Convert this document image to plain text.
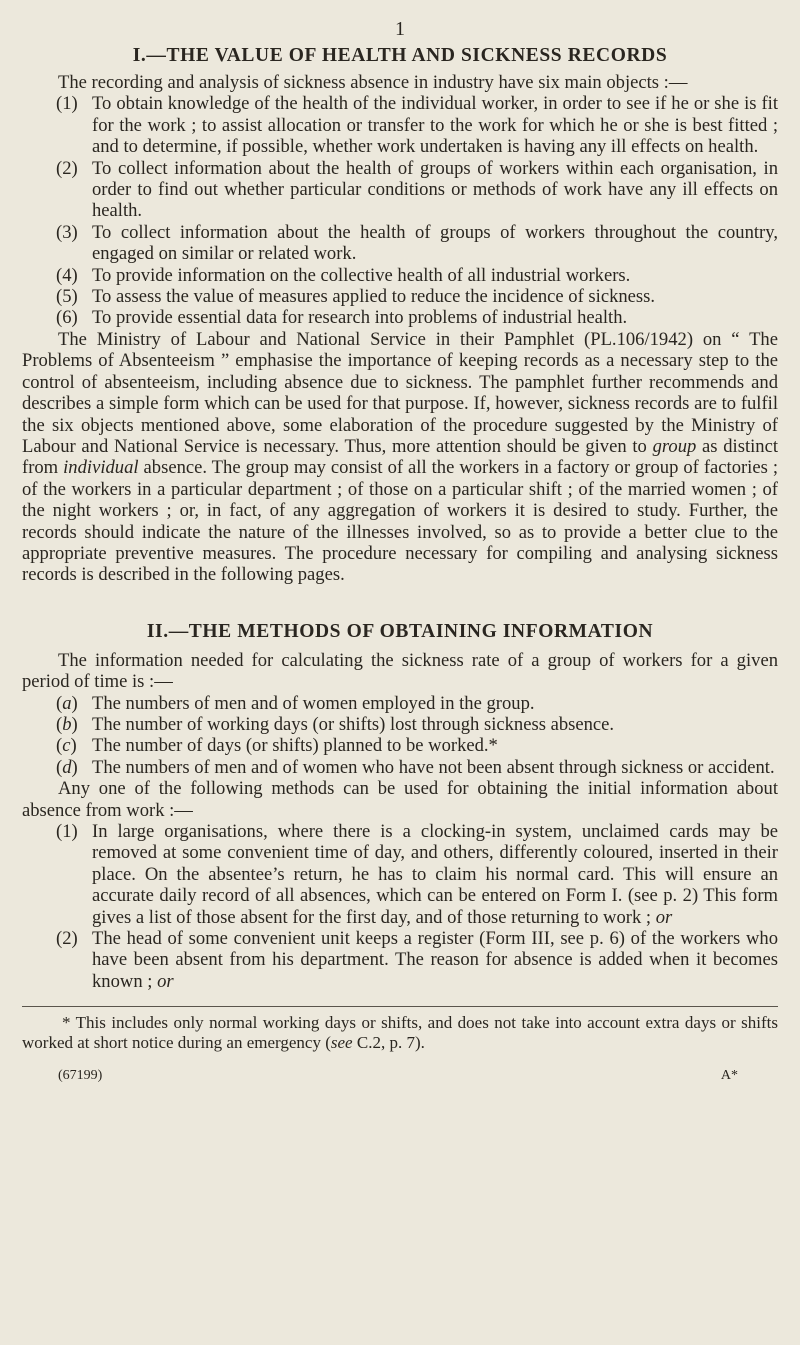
1
I.—THE VALUE OF HEALTH AND SICKNESS RECORDS

The recording and analysis of sickness absence in industry have six main objects :—

(1) To obtain knowledge of the health of the individual worker, in order to see if he or she is fit for the work ; to assist allocation or transfer to the work for which he or she is best fitted ; and to determine, if possible, whether work undertaken is having any ill effects on health.
(2) To collect information about the health of groups of workers within each organisation, in order to find out whether particular conditions or methods of work have any ill effects on health.
(3) To collect information about the health of groups of workers throughout the country, engaged on similar or related work.
(4) To provide information on the collective health of all industrial workers.
(5) To assess the value of measures applied to reduce the incidence of sickness.
(6) To provide essential data for research into problems of industrial health.

The Ministry of Labour and National Service in their Pamphlet (PL.106/1942) on “ The Problems of Absenteeism ” emphasise the importance of keeping records as a necessary step to the control of absenteeism, including absence due to sickness. The pamphlet further recommends and describes a simple form which can be used for that purpose. If, however, sickness records are to fulfil the six objects mentioned above, some elaboration of the procedure suggested by the Ministry of Labour and National Service is necessary. Thus, more attention should be given to group as distinct from individual absence. The group may consist of all the workers in a factory or group of factories ; of the workers in a particular department ; of those on a particular shift ; of the married women ; of the night workers ; or, in fact, of any aggregation of workers it is desired to study. Further, the records should indicate the nature of the illnesses involved, so as to provide a better clue to the appropriate preventive measures. The procedure necessary for compiling and analysing sickness records is described in the following pages.

II.—THE METHODS OF OBTAINING INFORMATION

The information needed for calculating the sickness rate of a group of workers for a given period of time is :—

(a) The numbers of men and of women employed in the group.
(b) The number of working days (or shifts) lost through sickness absence.
(c) The number of days (or shifts) planned to be worked.*
(d) The numbers of men and of women who have not been absent through sickness or accident.

Any one of the following methods can be used for obtaining the initial information about absence from work :—

(1) In large organisations, where there is a clocking-in system, unclaimed cards may be removed at some convenient time of day, and others, differently coloured, inserted in their place. On the absentee’s return, he has to claim his normal card. This will ensure an accurate daily record of all absences, which can be entered on Form I. (see p. 2) This form gives a list of those absent for the first day, and of those returning to work ; or
(2) The head of some convenient unit keeps a register (Form III, see p. 6) of the workers who have been absent from his department. The reason for absence is added when it becomes known ; or

* This includes only normal working days or shifts, and does not take into account extra days or shifts worked at short notice during an emergency (see C.2, p. 7).

(67199)	A*
